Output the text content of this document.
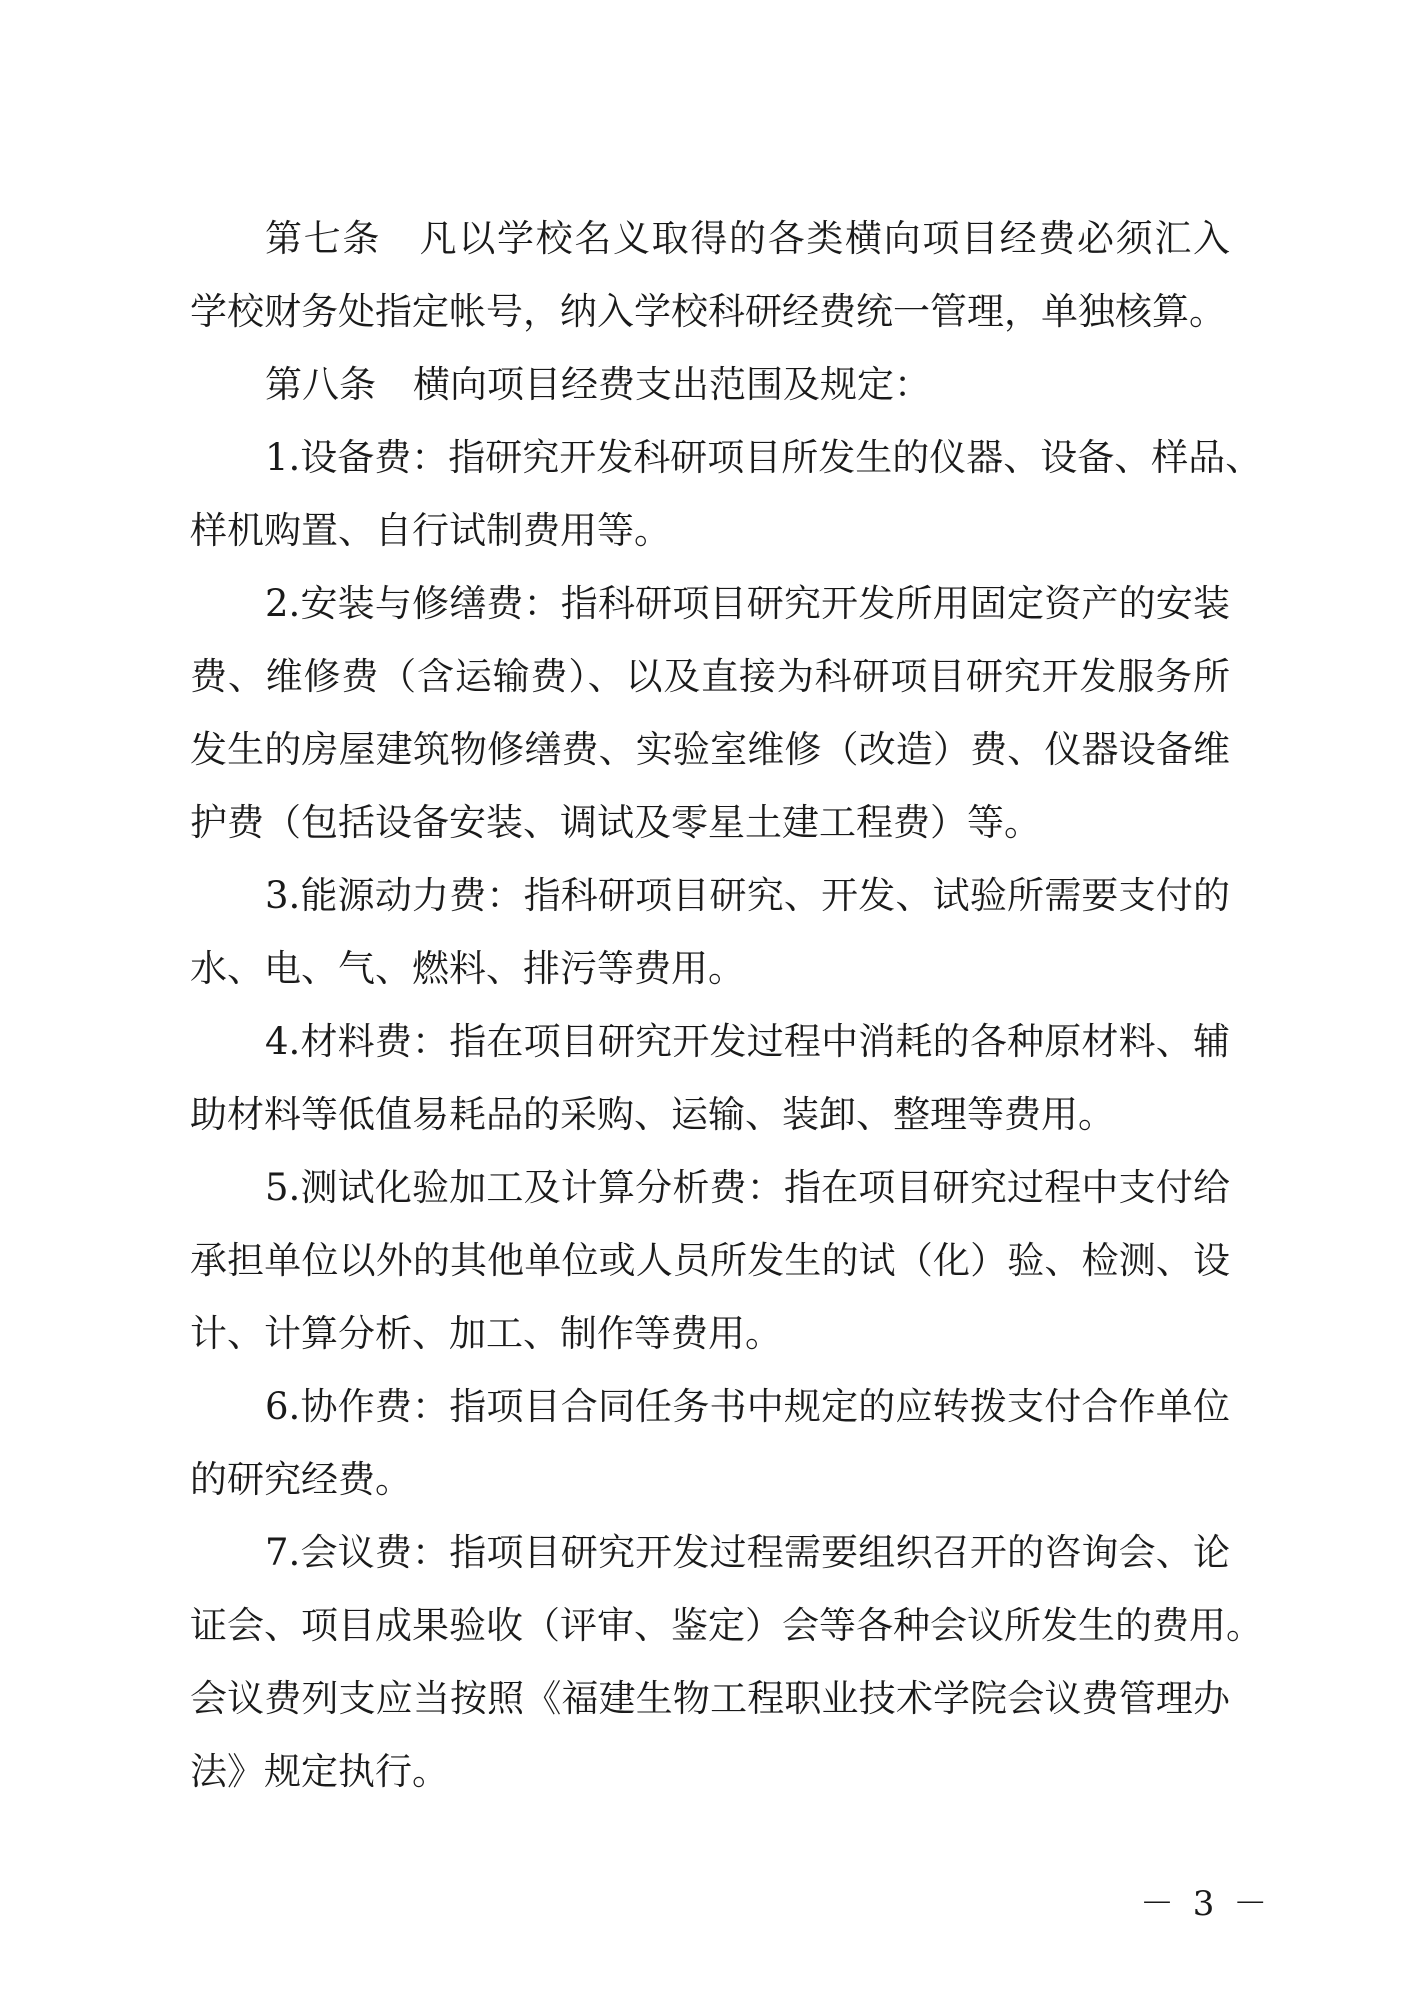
第七条　凡以学校名义取得的各类横向项目经费必须汇入
学校财务处指定帐号，纳入学校科研经费统一管理，单独核算。
第八条　横向项目经费支出范围及规定：
1.设备费：指研究开发科研项目所发生的仪器、设备、样品、
样机购置、自行试制费用等。
2.安装与修缮费：指科研项目研究开发所用固定资产的安装
费、维修费（含运输费）、以及直接为科研项目研究开发服务所
发生的房屋建筑物修缮费、实验室维修（改造）费、仪器设备维
护费（包括设备安装、调试及零星土建工程费）等。
3.能源动力费：指科研项目研究、开发、试验所需要支付的
水、电、气、燃料、排污等费用。
4.材料费：指在项目研究开发过程中消耗的各种原材料、辅
助材料等低值易耗品的采购、运输、装卸、整理等费用。
5.测试化验加工及计算分析费：指在项目研究过程中支付给
承担单位以外的其他单位或人员所发生的试（化）验、检测、设
计、计算分析、加工、制作等费用。
6.协作费：指项目合同任务书中规定的应转拨支付合作单位
的研究经费。
7.会议费：指项目研究开发过程需要组织召开的咨询会、论
证会、项目成果验收（评审、鉴定）会等各种会议所发生的费用。
会议费列支应当按照《福建生物工程职业技术学院会议费管理办
法》规定执行。
－ 3 －
